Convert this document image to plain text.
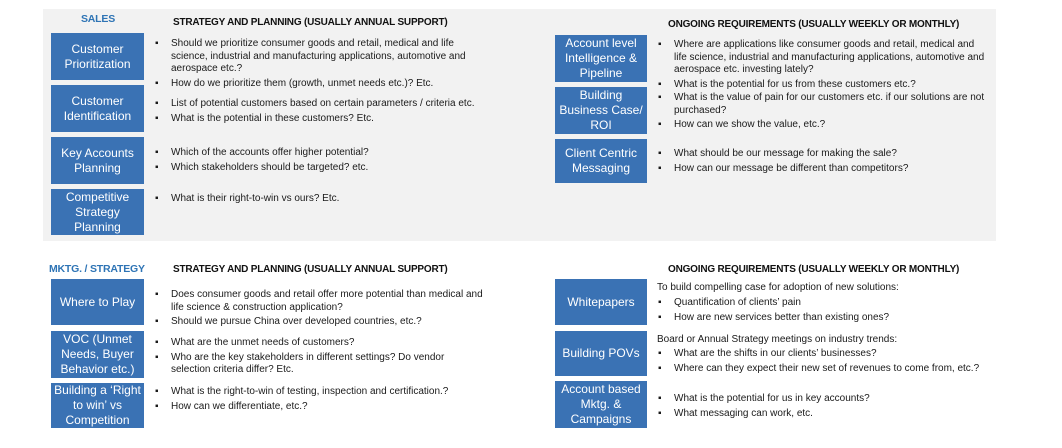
SALES	STRATEGY AND PLANNING (USUALLY ANNUAL SUPPORT)	ONGOING REQUIREMENTS (USUALLY WEEKLY OR MONTHLY)
Customer Prioritization
▪ Should we prioritize consumer goods and retail, medical and life science, industrial and manufacturing applications, automotive and aerospace etc.?
▪ How do we prioritize them (growth, unmet needs etc.)? Etc.
Customer Identification
▪ List of potential customers based on certain parameters / criteria etc.
▪ What is the potential in these customers? Etc.
Key Accounts Planning
▪ Which of the accounts offer higher potential?
▪ Which stakeholders should be targeted? etc.
Competitive Strategy Planning
▪ What is their right-to-win vs ours? Etc.
Account level Intelligence & Pipeline
▪ Where are applications like consumer goods and retail, medical and life science, industrial and manufacturing applications, automotive and aerospace etc. investing lately?
▪ What is the potential for us from these customers etc.?
Building Business Case/ ROI
▪ What is the value of pain for our customers etc. if our solutions are not purchased?
▪ How can we show the value, etc.?
Client Centric Messaging
▪ What should be our message for making the sale?
▪ How can our message be different than competitors?
MKTG. / STRATEGY	STRATEGY AND PLANNING (USUALLY ANNUAL SUPPORT)	ONGOING REQUIREMENTS (USUALLY WEEKLY OR MONTHLY)
Where to Play
▪	Does consumer goods and retail offer more potential than medical and life science & construction application?
▪ Should we pursue China over developed countries, etc.?
VOC (Unmet Needs, Buyer Behavior etc.)
▪ What are the unmet needs of customers?
▪ Who are the key stakeholders in different settings? Do vendor selection criteria differ? Etc.
Building a ‘Right to win’ vs Competition
▪ What is the right-to-win of testing, inspection and certification.?
▪ How can we differentiate, etc.?
Whitepapers
To build compelling case for adoption of new solutions:
▪ Quantification of clients’ pain
▪ How are new services better than existing ones?
Building POVs
Board or Annual Strategy meetings on industry trends:
▪ What are the shifts in our clients’ businesses?
▪ Where can they expect their new set of revenues to come from, etc.?
Account based Mktg. & Campaigns
▪ What is the potential for us in key accounts?
▪ What messaging can work, etc.
